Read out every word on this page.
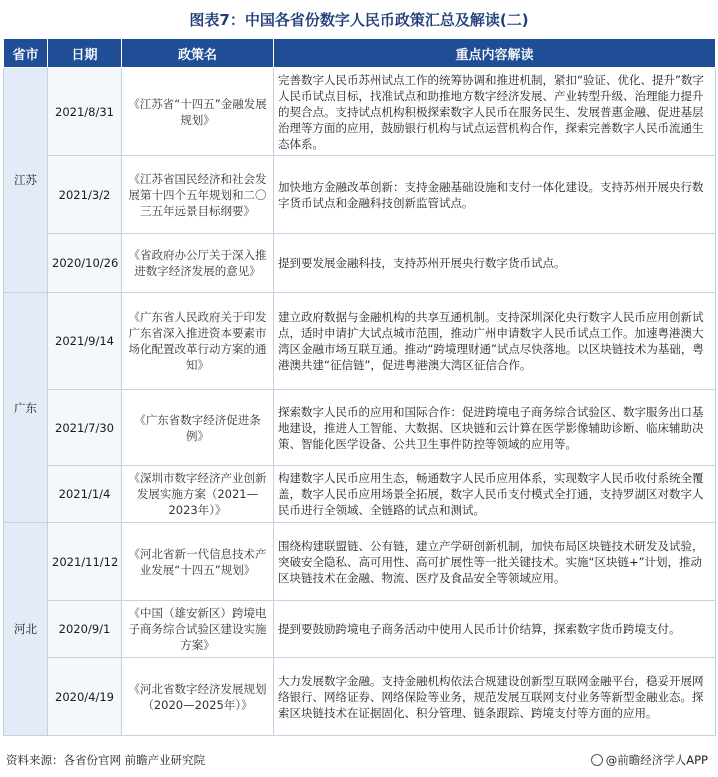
图表7：中国各省份数字人民币政策汇总及解读(二)
省市	日期	政策名	重点内容解读
江苏	2021/8/31	《江苏省“十四五”金融发展规划》	完善数字人民币苏州试点工作的统筹协调和推进机制，紧扣“验证、优化、提升”数字人民币试点目标，找准试点和助推地方数字经济发展、产业转型升级、治理能力提升的契合点。支持试点机构积极探索数字人民币在服务民生、发展普惠金融、促进基层治理等方面的应用，鼓励银行机构与试点运营机构合作，探索完善数字人民币流通生态体系。
	2021/3/2	《江苏省国民经济和社会发展第十四个五年规划和二〇三五年远景目标纲要》	加快地方金融改革创新：支持金融基础设施和支付一体化建设。支持苏州开展央行数字货币试点和金融科技创新监管试点。
	2020/10/26	《省政府办公厅关于深入推进数字经济发展的意见》	提到要发展金融科技，支持苏州开展央行数字货币试点。
广东	2021/9/14	《广东省人民政府关于印发广东省深入推进资本要素市场化配置改革行动方案的通知》	建立政府数据与金融机构的共享互通机制。支持深圳深化央行数字人民币应用创新试点，适时申请扩大试点城市范围，推动广州申请数字人民币试点工作。加速粤港澳大湾区金融市场互联互通。推动“跨境理财通”试点尽快落地。以区块链技术为基础，粤港澳共建“征信链”，促进粤港澳大湾区征信合作。
	2021/7/30	《广东省数字经济促进条例》	探索数字人民币的应用和国际合作：促进跨境电子商务综合试验区、数字服务出口基地建设，推进人工智能、大数据、区块链和云计算在医学影像辅助诊断、临床辅助决策、智能化医学设备、公共卫生事件防控等领域的应用等。
	2021/1/4	《深圳市数字经济产业创新发展实施方案（2021—2023年）》	构建数字人民币应用生态，畅通数字人民币应用体系，实现数字人民币收付系统全覆盖，数字人民币应用场景全拓展，数字人民币支付模式全打通，支持罗湖区对数字人民币进行全领域、全链路的试点和测试。
河北	2021/11/12	《河北省新一代信息技术产业发展“十四五”规划》	围绕构建联盟链、公有链，建立产学研创新机制，加快布局区块链技术研发及试验，突破安全隐私、高可用性、高可扩展性等一批关键技术。实施“区块链+”计划，推动区块链技术在金融、物流、医疗及食品安全等领域应用。
	2020/9/1	《中国（雄安新区）跨境电子商务综合试验区建设实施方案》	提到要鼓励跨境电子商务活动中使用人民币计价结算，探索数字货币跨境支付。
	2020/4/19	《河北省数字经济发展规划（2020—2025年）》	大力发展数字金融。支持金融机构依法合规建设创新型互联网金融平台，稳妥开展网络银行、网络证券、网络保险等业务，规范发展互联网支付业务等新型金融业态。探索区块链技术在证据固化、积分管理、链条跟踪、跨境支付等方面的应用。
资料来源：各省份官网 前瞻产业研究院	@前瞻经济学人APP
